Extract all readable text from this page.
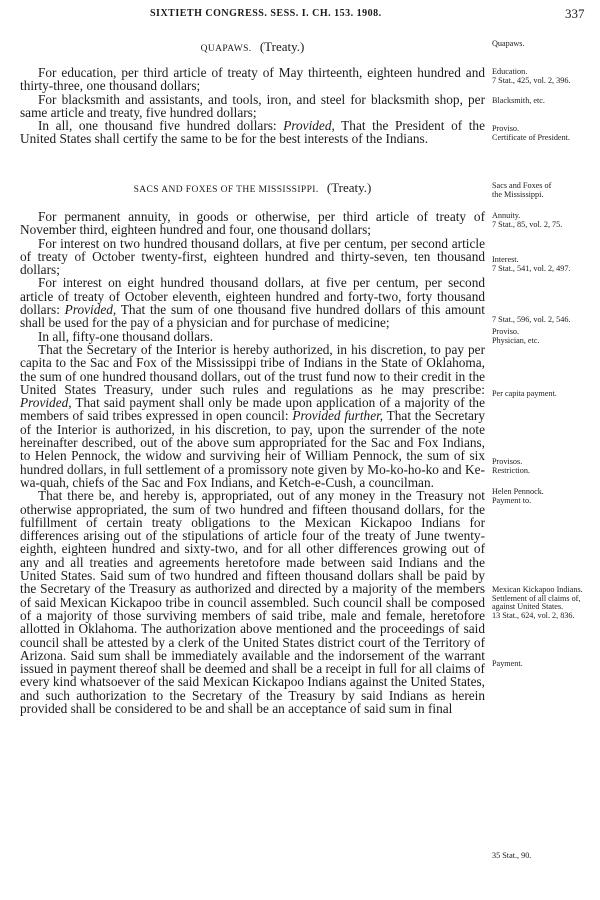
SIXTIETH CONGRESS. SESS. I. CH. 153. 1908.	337
QUAPAWS. (Treaty.)

For education, per third article of treaty of May thirteenth, eighteen hundred and thirty-three, one thousand dollars;

For blacksmith and assistants, and tools, iron, and steel for blacksmith shop, per same article and treaty, five hundred dollars;

In all, one thousand five hundred dollars: Provided, That the President of the United States shall certify the same to be for the best interests of the Indians.

SACS AND FOXES OF THE MISSISSIPPI. (Treaty.)

For permanent annuity, in goods or otherwise, per third article of treaty of November third, eighteen hundred and four, one thousand dollars;

For interest on two hundred thousand dollars, at five per centum, per second article of treaty of October twenty-first, eighteen hundred and thirty-seven, ten thousand dollars;

For interest on eight hundred thousand dollars, at five per centum, per second article of treaty of October eleventh, eighteen hundred and forty-two, forty thousand dollars: Provided, That the sum of one thousand five hundred dollars of this amount shall be used for the pay of a physician and for purchase of medicine;

In all, fifty-one thousand dollars.

That the Secretary of the Interior is hereby authorized, in his discretion, to pay per capita to the Sac and Fox of the Mississippi tribe of Indians in the State of Oklahoma, the sum of one hundred thousand dollars, out of the trust fund now to their credit in the United States Treasury, under such rules and regulations as he may prescribe: Provided, That said payment shall only be made upon application of a majority of the members of said tribes expressed in open council: Provided further, That the Secretary of the Interior is authorized, in his discretion, to pay, upon the surrender of the note hereinafter described, out of the above sum appropriated for the Sac and Fox Indians, to Helen Pennock, the widow and surviving heir of William Pennock, the sum of six hundred dollars, in full settlement of a promissory note given by Mo-ko-ho-ko and Ke-wa-quah, chiefs of the Sac and Fox Indians, and Ketch-e-Cush, a councilman.

That there be, and hereby is, appropriated, out of any money in the Treasury not otherwise appropriated, the sum of two hundred and fifteen thousand dollars, for the fulfillment of certain treaty obligations to the Mexican Kickapoo Indians for differences arising out of the stipulations of article four of the treaty of June twenty-eighth, eighteen hundred and sixty-two, and for all other differences growing out of any and all treaties and agreements heretofore made between said Indians and the United States. Said sum of two hundred and fifteen thousand dollars shall be paid by the Secretary of the Treasury as authorized and directed by a majority of the members of said Mexican Kickapoo tribe in council assembled. Such council shall be composed of a majority of those surviving members of said tribe, male and female, heretofore allotted in Oklahoma. The authorization above mentioned and the proceedings of said council shall be attested by a clerk of the United States district court of the Territory of Arizona. Said sum shall be immediately available and the indorsement of the warrant issued in payment thereof shall be deemed and shall be a receipt in full for all claims of every kind whatsoever of the said Mexican Kickapoo Indians against the United States, and such authorization to the Secretary of the Treasury by said Indians as herein provided shall be considered to be and shall be an acceptance of said sum in final

Quapaws.
Education.
7 Stat., 425, vol. 2, 396.
Blacksmith, etc.
Proviso.
Certificate of President.
Sacs and Foxes of
the Mississippi.
Annuity.
7 Stat., 85, vol. 2, 75.
Interest.
7 Stat., 541, vol. 2, 497.
7 Stat., 596, vol. 2, 546.
Proviso.
Physician, etc.
Per capita payment.
Provisos.
Restriction.
Helen Pennock.
Payment to.
Mexican Kickapoo Indians.
Settlement of all claims of, against United States.
13 Stat., 624, vol. 2, 836.
Payment.
35 Stat., 90.
